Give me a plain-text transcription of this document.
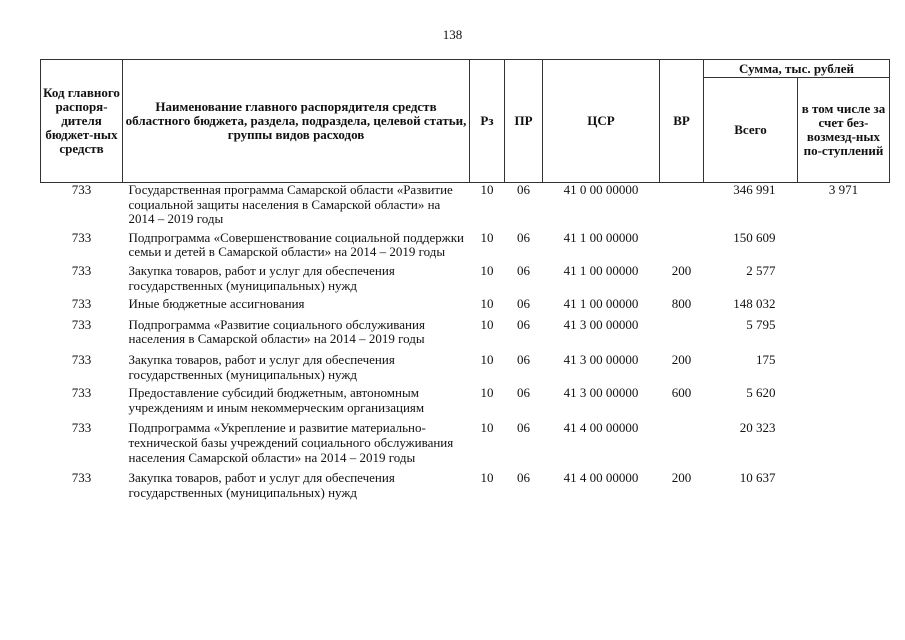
138
Код главного распоря-дителя бюджет-ных средств	Наименование главного распорядителя средств областного бюджета, раздела, подраздела, целевой статьи, группы видов расходов	Рз	ПР	ЦСР	ВР	Сумма, тыс. рублей	
						Всего	в том числе за счет без-возмезд-ных по-ступлений
733	Государственная программа Самарской области «Развитие социальной защиты населения в Самарской области» на 2014 – 2019 годы	10	06	41 0 00 00000		346 991	3 971
733	Подпрограмма «Совершенствование социальной поддержки семьи и детей в Самарской области» на 2014 – 2019 годы	10	06	41 1 00 00000		150 609	
733	Закупка товаров, работ и услуг для обеспечения государственных (муниципальных) нужд	10	06	41 1 00 00000	200	2 577	
733	Иные бюджетные ассигнования	10	06	41 1 00 00000	800	148 032	
733	Подпрограмма «Развитие социального обслуживания населения в Самарской области» на 2014 – 2019 годы	10	06	41 3 00 00000		5 795	
733	Закупка товаров, работ и услуг для обеспечения государственных (муниципальных) нужд	10	06	41 3 00 00000	200	175	
733	Предоставление субсидий бюджетным, автономным учреждениям и иным некоммерческим организациям	10	06	41 3 00 00000	600	5 620	
733	Подпрограмма «Укрепление и развитие материально-технической базы учреждений социального обслуживания населения Самарской области» на 2014 – 2019 годы	10	06	41 4 00 00000		20 323	
733	Закупка товаров, работ и услуг для обеспечения государственных (муниципальных) нужд	10	06	41 4 00 00000	200	10 637	
